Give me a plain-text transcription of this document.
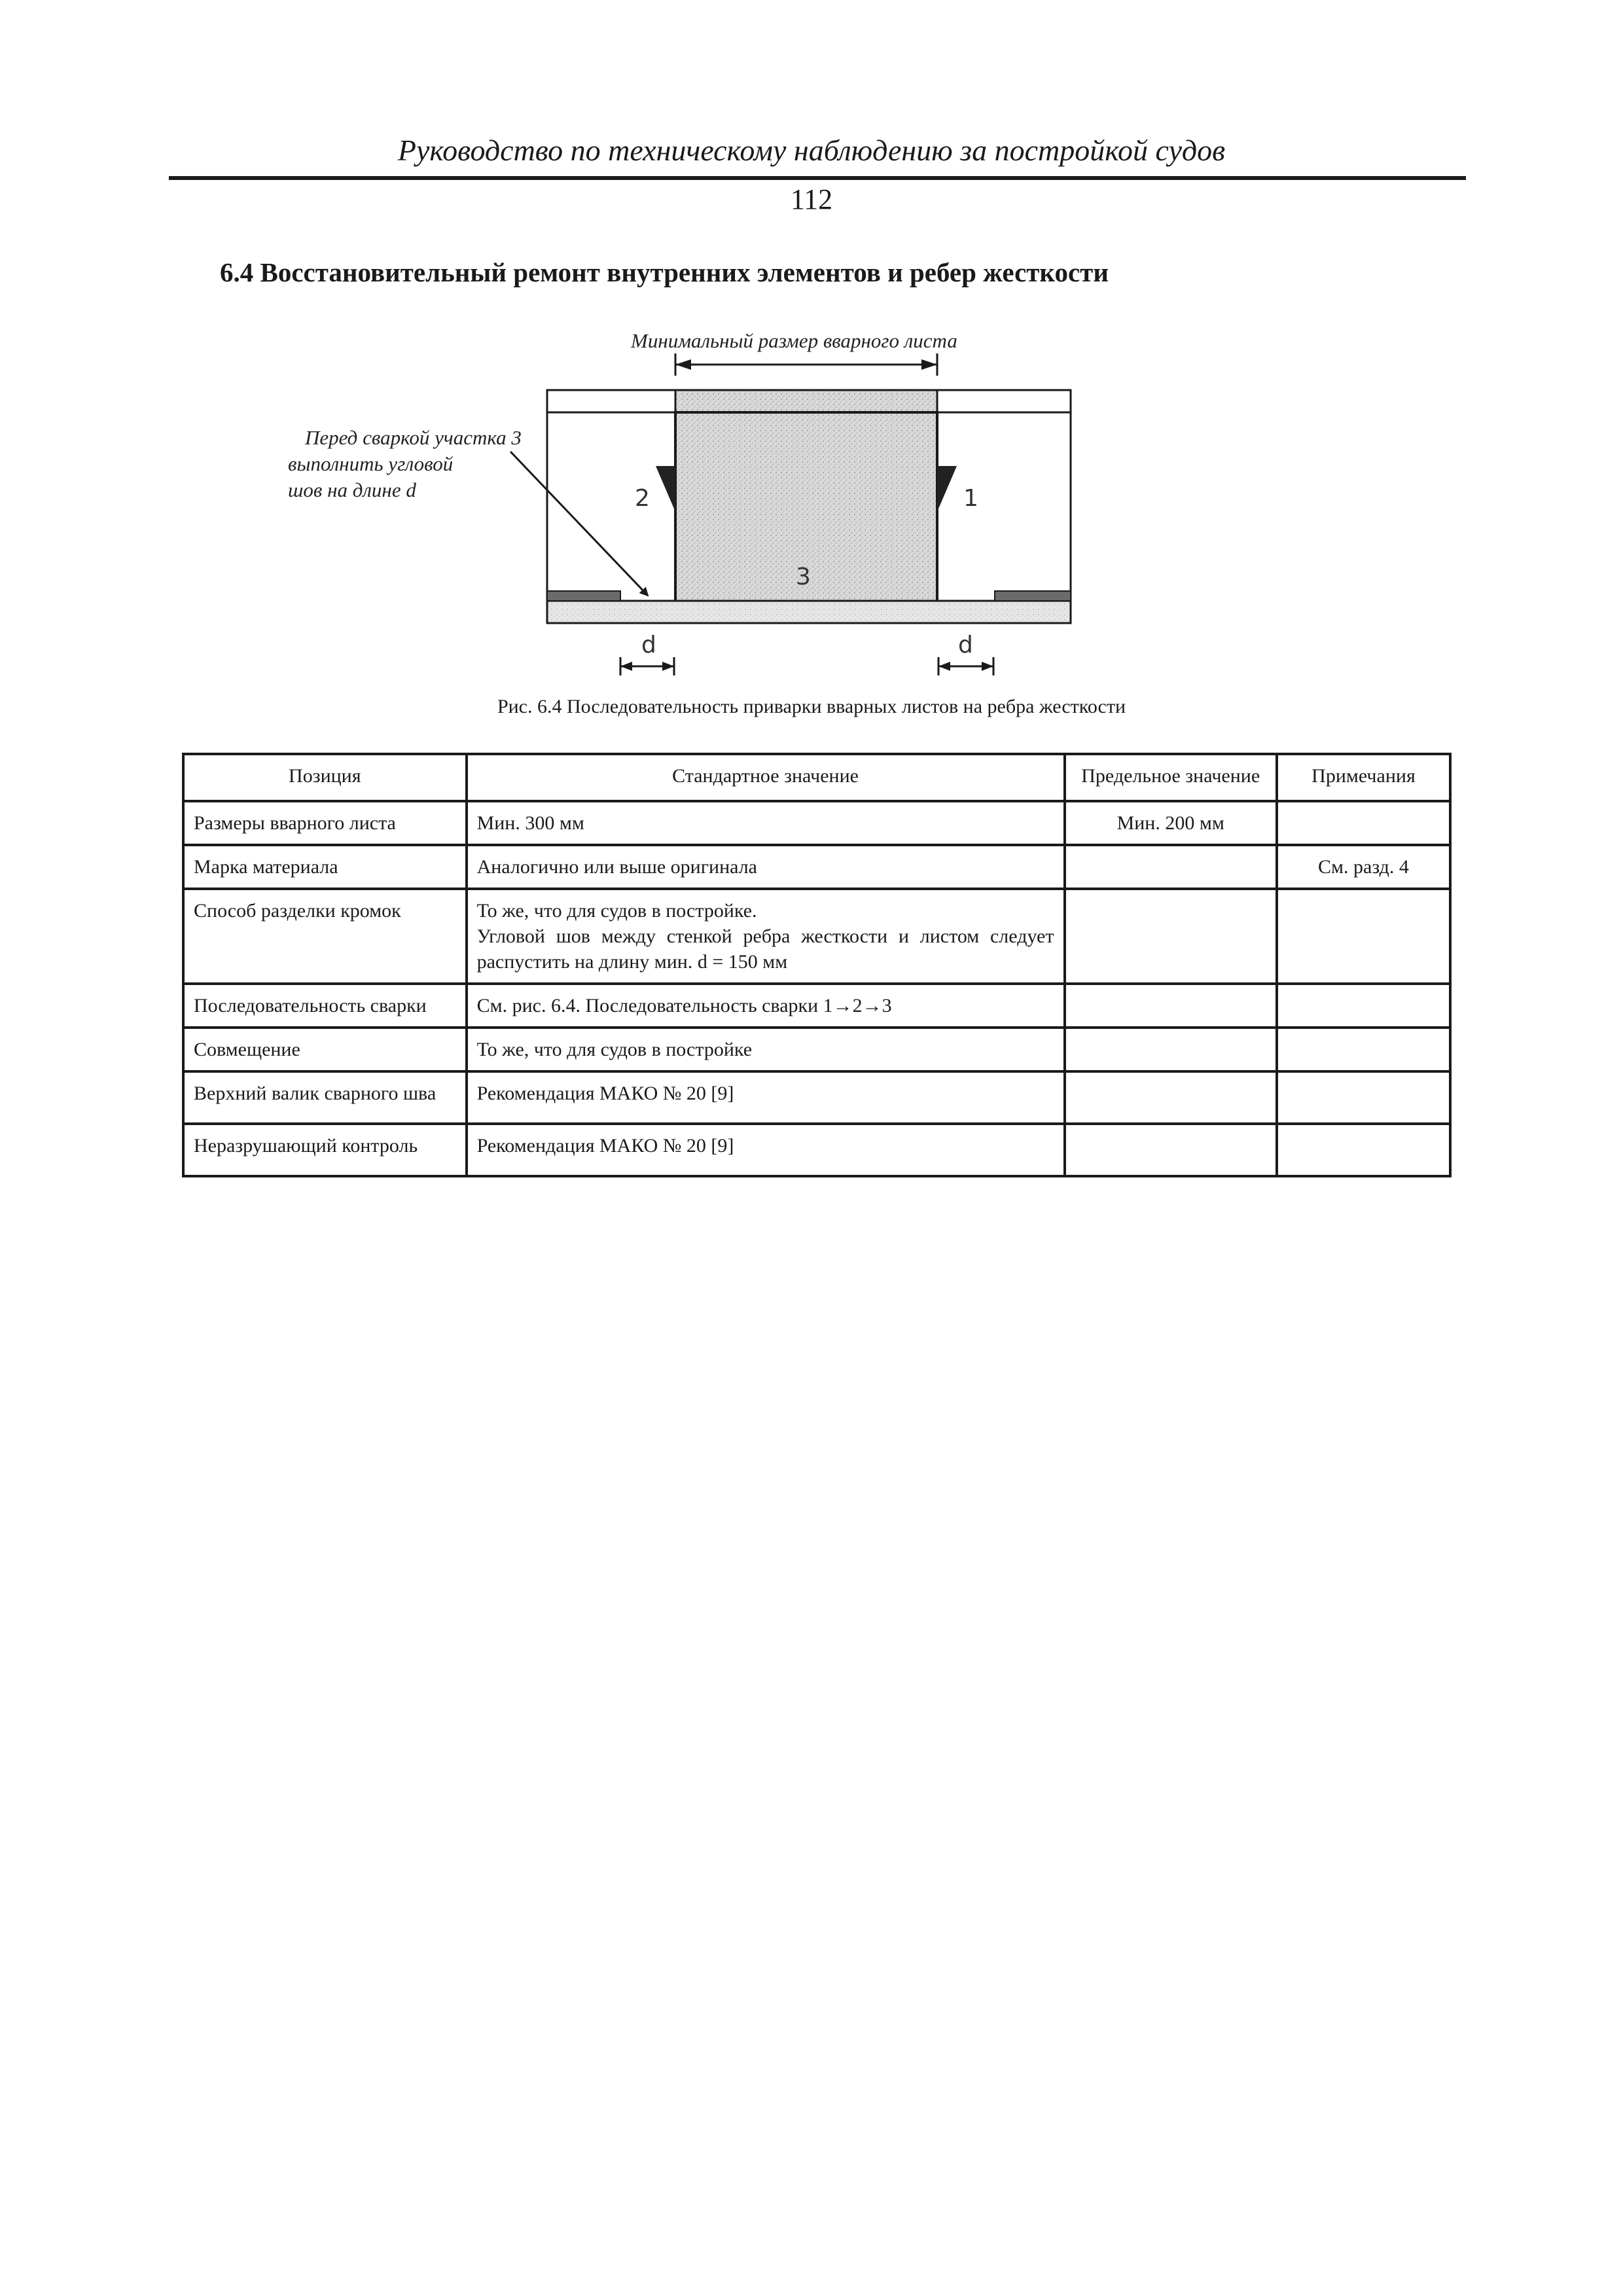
Руководство по техническому наблюдению за постройкой судов
112
6.4 Восстановительный ремонт внутренних элементов и ребер жесткости
Минимальный размер вварного листа
Перед сваркой участка 3
выполнить угловой
шов на длине d	2	1
3
d	d
Рис. 6.4 Последовательность приварки вварных листов на ребра жесткости
Позиция	Стандартное значение	Предельное значение	Примечания
Размеры вварного листа	Мин. 300 мм	Мин. 200 мм	
Марка материала	Аналогично или выше оригинала		См. разд. 4
Способ разделки кромок	То же, что для судов в постройке.
Угловой шов между стенкой ребра жесткости и листом следует распустить на длину мин. d = 150 мм		

Последовательность сварки	См. рис. 6.4. Последовательность сварки 1→2→3		
Совмещение	То же, что для судов в постройке		
Верхний валик сварного шва	Рекомендация МАКО № 20 [9]		
Неразрушающий контроль	Рекомендация МАКО № 20 [9]		
